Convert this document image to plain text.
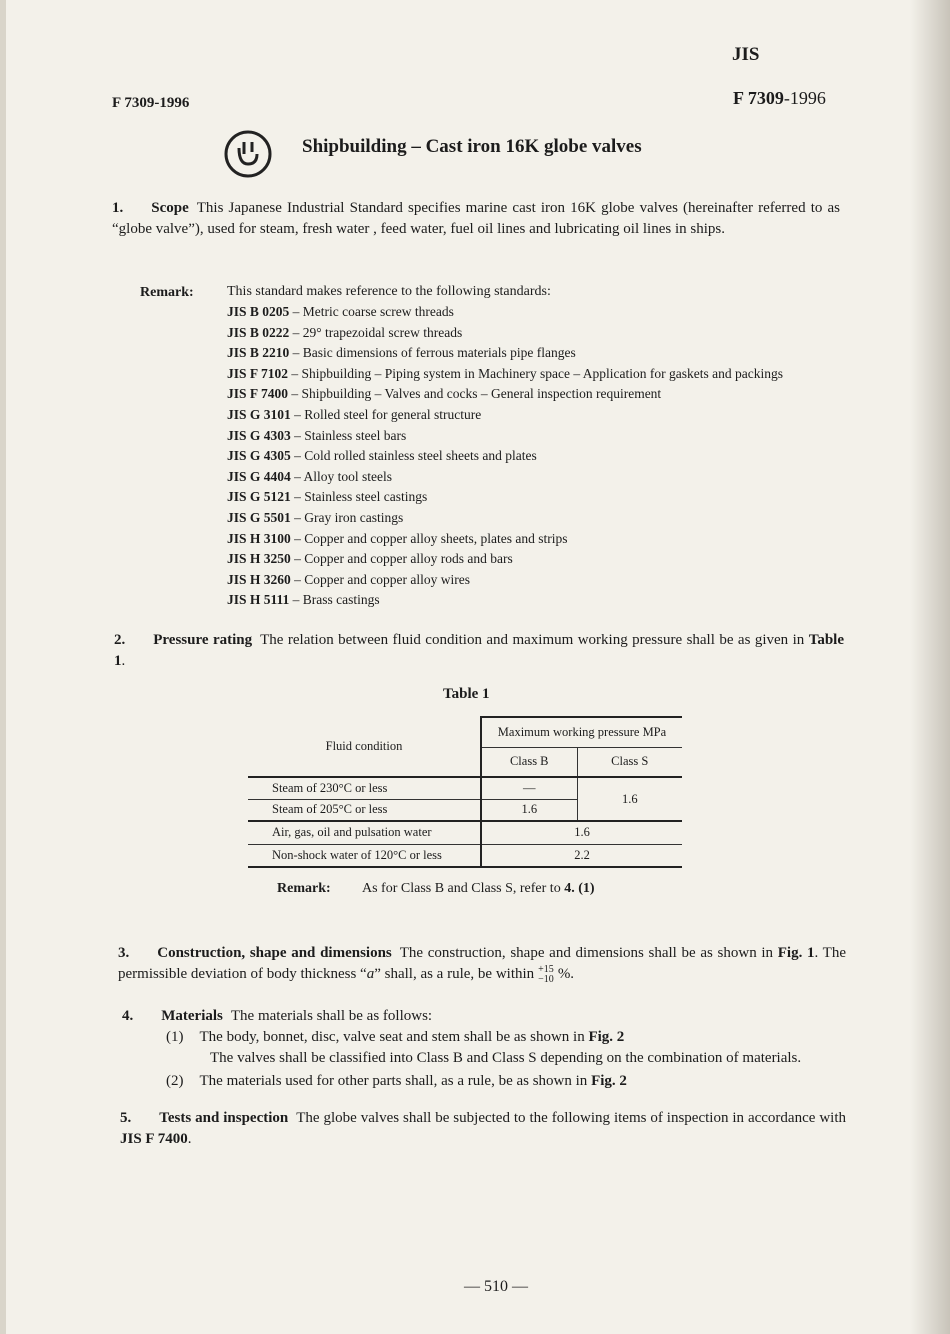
JIS
F 7309-1996
F 7309-1996
Shipbuilding – Cast iron 16K globe valves
1. Scope This Japanese Industrial Standard specifies marine cast iron 16K globe valves (hereinafter referred to as “globe valve”), used for steam, fresh water , feed water, fuel oil lines and lubricating oil lines in ships.
Remark: This standard makes reference to the following standards:
JIS B 0205 – Metric coarse screw threads
JIS B 0222 – 29° trapezoidal screw threads
JIS B 2210 – Basic dimensions of ferrous materials pipe flanges
JIS F 7102 – Shipbuilding – Piping system in Machinery space – Application for gaskets and packings
JIS F 7400 – Shipbuilding – Valves and cocks – General inspection requirement
JIS G 3101 – Rolled steel for general structure
JIS G 4303 – Stainless steel bars
JIS G 4305 – Cold rolled stainless steel sheets and plates
JIS G 4404 – Alloy tool steels
JIS G 5121 – Stainless steel castings
JIS G 5501 – Gray iron castings
JIS H 3100 – Copper and copper alloy sheets, plates and strips
JIS H 3250 – Copper and copper alloy rods and bars
JIS H 3260 – Copper and copper alloy wires
JIS H 5111 – Brass castings
2. Pressure rating The relation between fluid condition and maximum working pressure shall be as given in Table 1.
Table 1
Fluid condition	Maximum working pressure MPa	
	Class B	Class S
Steam of 230°C or less	—	1.6
Steam of 205°C or less	1.6	
Air, gas, oil and pulsation water	1.6	
Non-shock water of 120°C or less	2.2	
Remark: As for Class B and Class S, refer to 4. (1)
3. Construction, shape and dimensions The construction, shape and dimensions shall be as shown in Fig. 1. The permissible deviation of body thickness “a” shall, as a rule, be within +15
−10 %.
4. Materials The materials shall be as follows:
(1) The body, bonnet, disc, valve seat and stem shall be as shown in Fig. 2
The valves shall be classified into Class B and Class S depending on the combination of materials.
(2) The materials used for other parts shall, as a rule, be as shown in Fig. 2
5. Tests and inspection The globe valves shall be subjected to the following items of inspection in accordance with JIS F 7400.
— 510 —
